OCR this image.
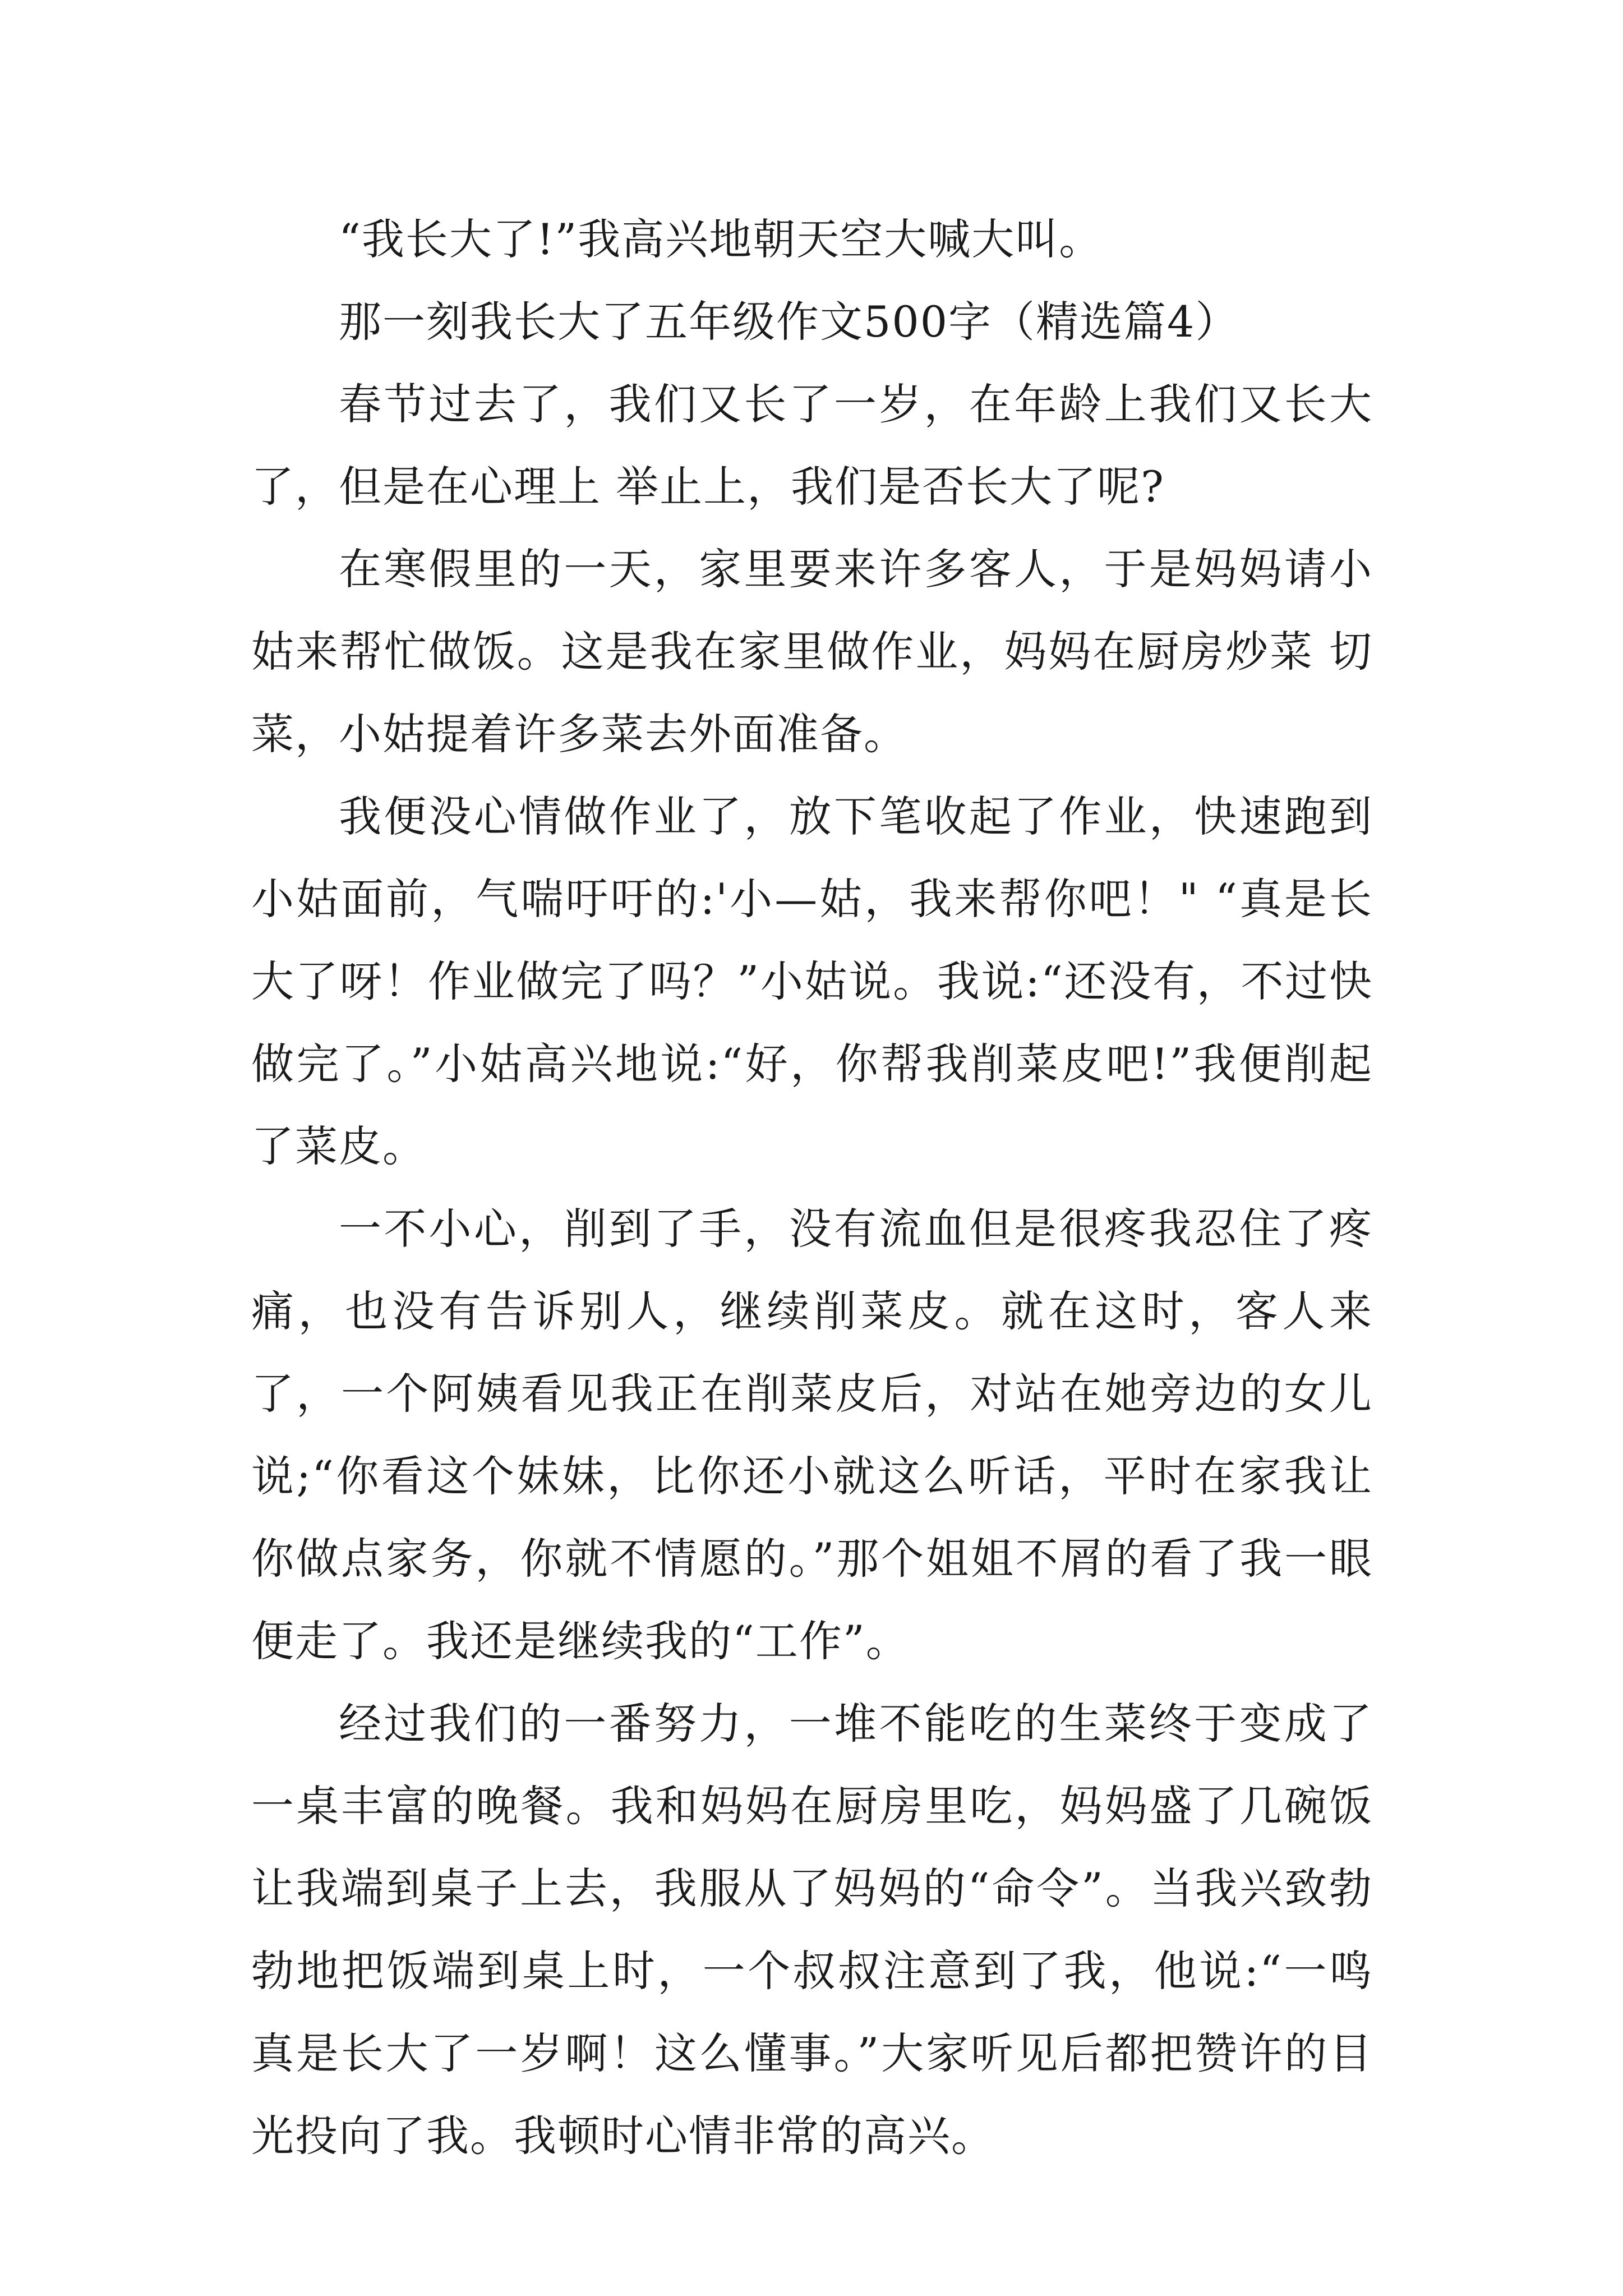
“我长大了!”我高兴地朝天空大喊大叫。

那一刻我长大了五年级作文500字（精选篇4）

春节过去了，我们又长了一岁，在年龄上我们又长大了，但是在心理上 举止上，我们是否长大了呢?

在寒假里的一天，家里要来许多客人，于是妈妈请小姑来帮忙做饭。这是我在家里做作业，妈妈在厨房炒菜 切菜，小姑提着许多菜去外面准备。

我便没心情做作业了，放下笔收起了作业，快速跑到小姑面前，气喘吁吁的:'小—姑，我来帮你吧！" “真是长大了呀！作业做完了吗？”小姑说。我说:“还没有，不过快做完了。”小姑高兴地说:“好，你帮我削菜皮吧!”我便削起了菜皮。

一不小心，削到了手，没有流血但是很疼我忍住了疼痛，也没有告诉别人，继续削菜皮。就在这时，客人来了，一个阿姨看见我正在削菜皮后，对站在她旁边的女儿说;“你看这个妹妹，比你还小就这么听话，平时在家我让你做点家务，你就不情愿的。”那个姐姐不屑的看了我一眼便走了。我还是继续我的“工作”。

经过我们的一番努力，一堆不能吃的生菜终于变成了一桌丰富的晚餐。我和妈妈在厨房里吃，妈妈盛了几碗饭让我端到桌子上去，我服从了妈妈的“命令”。当我兴致勃勃地把饭端到桌上时，一个叔叔注意到了我，他说:“一鸣真是长大了一岁啊！这么懂事。”大家听见后都把赞许的目光投向了我。我顿时心情非常的高兴。
